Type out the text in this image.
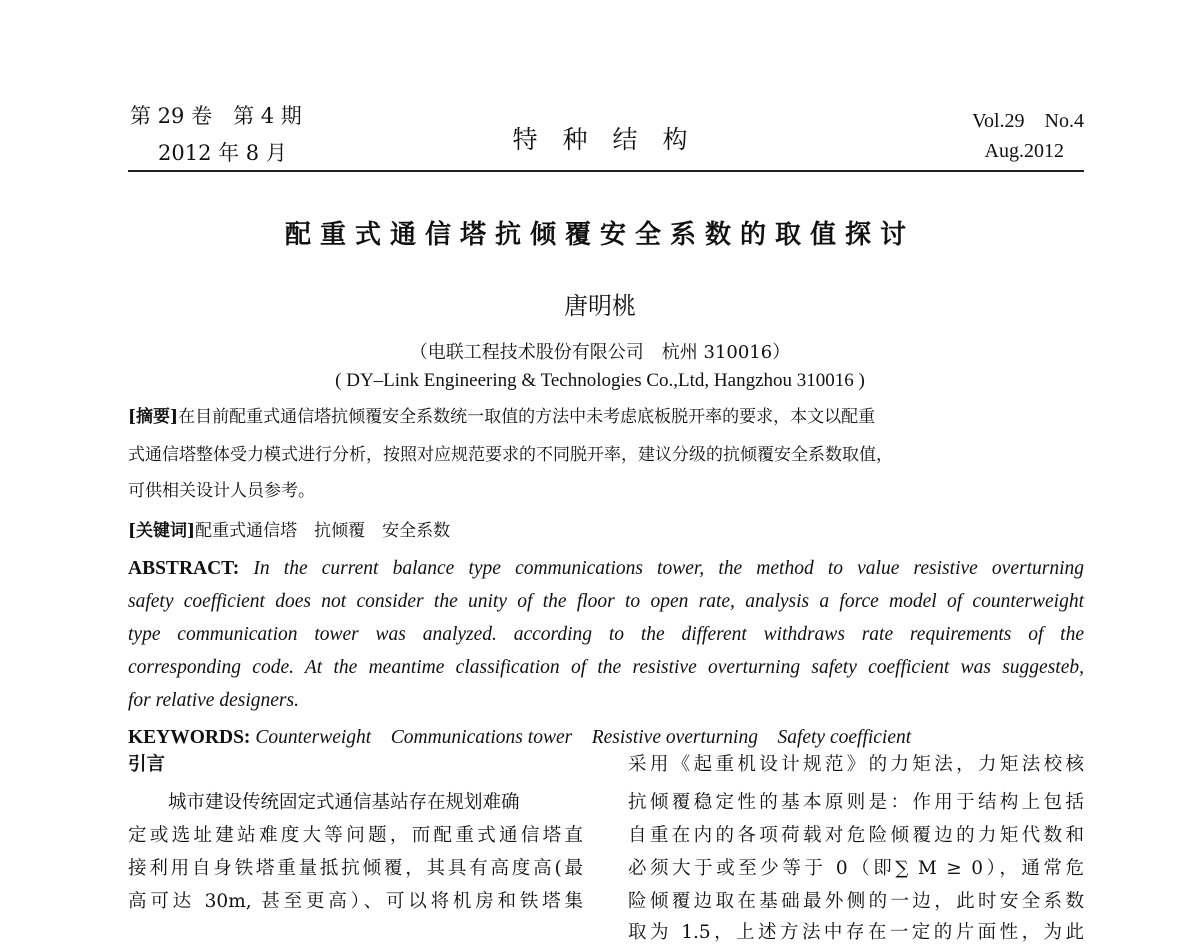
第 29 卷　第 4 期
2012 年 8 月	特　种　结　构
Vol.29　No.4
Aug.2012
配重式通信塔抗倾覆安全系数的取值探讨
唐明桃
（电联工程技术股份有限公司　杭州 310016）
( DY–Link Engineering & Technologies Co.,Ltd, Hangzhou 310016 )
[摘要]在目前配重式通信塔抗倾覆安全系数统一取值的方法中未考虑底板脱开率的要求，本文以配重
式通信塔整体受力模式进行分析，按照对应规范要求的不同脱开率，建议分级的抗倾覆安全系数取值，
可供相关设计人员参考。
[关键词]配重式通信塔　抗倾覆　安全系数
ABSTRACT: In the current balance type communications tower, the method to value resistive overturning
safety coefficient does not consider the unity of the floor to open rate, analysis a force model of counterweight
type communication tower was analyzed. according to the different withdraws rate requirements of the
corresponding code. At the meantime classification of the resistive overturning safety coefficient was suggesteb,
for relative designers.
KEYWORDS: Counterweight　Communications tower　Resistive overturning　Safety coefficient
引言
城市建设传统固定式通信基站存在规划难确
定或选址建站难度大等问题，而配重式通信塔直
接利用自身铁塔重量抵抗倾覆，其具有高度高(最
高可达 30m, 甚至更高）、可以将机房和铁塔集
采用《起重机设计规范》的力矩法，力矩法校核
抗倾覆稳定性的基本原则是：作用于结构上包括
自重在内的各项荷载对危险倾覆边的力矩代数和
必须大于或至少等于 0（即∑ M ≥ 0），通常危
险倾覆边取在基础最外侧的一边，此时安全系数
取为 1.5，上述方法中存在一定的片面性，为此
